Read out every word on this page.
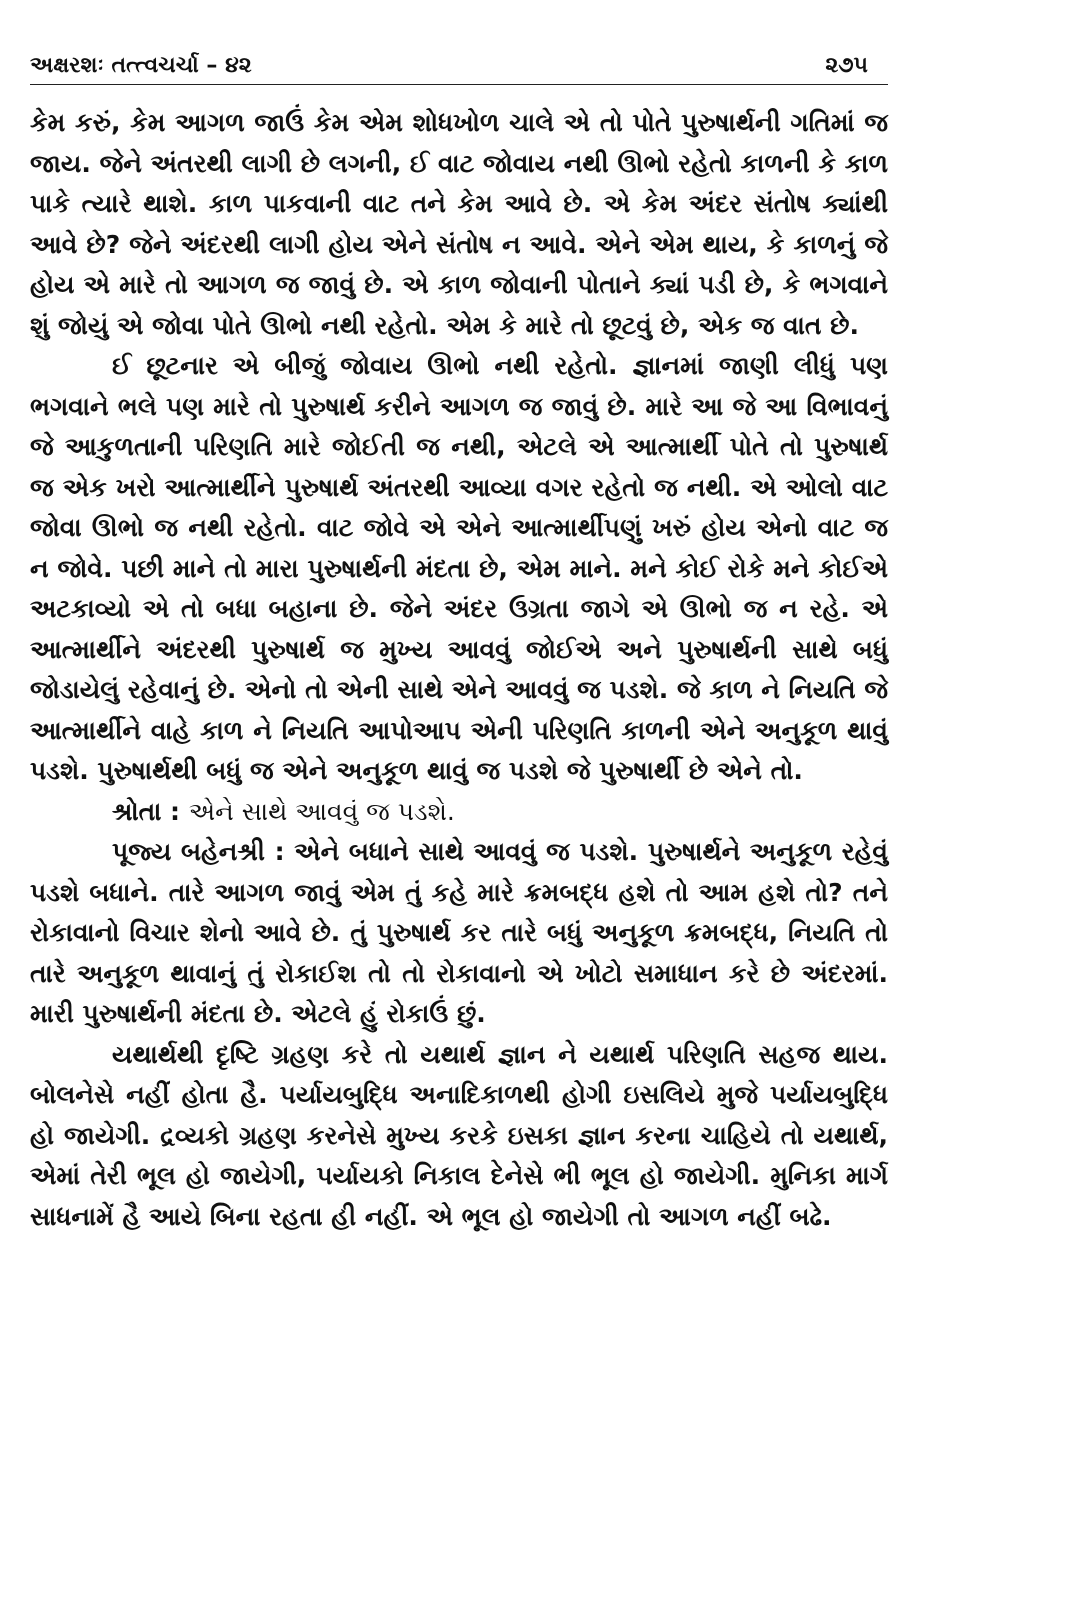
અક્ષરશઃ તત્ત્વચર્ચા – ૪૨	૨૭૫

કેમ કરું, કેમ આગળ જાઉં કેમ એમ શોધખોળ ચાલે એ તો પોતે પુરુષાર્થની ગતિમાં જ જાય. જેને અંતરથી લાગી છે લગની, ઈ વાટ જોવાય નથી ઊભો રહેતો કાળની કે કાળ પાકે ત્યારે થાશે. કાળ પાકવાની વાટ તને કેમ આવે છે. એ કેમ અંદર સંતોષ ક્યાંથી આવે છે? જેને અંદરથી લાગી હોય એને સંતોષ ન આવે. એને એમ થાય, કે કાળનું જે હોય એ મારે તો આગળ જ જાવું છે. એ કાળ જોવાની પોતાને ક્યાં પડી છે, કે ભગવાને શું જોયું એ જોવા પોતે ઊભો નથી રહેતો. એમ કે મારે તો છૂટવું છે, એક જ વાત છે.

ઈ છૂટનાર એ બીજું જોવાય ઊભો નથી રહેતો. જ્ઞાનમાં જાણી લીધું પણ ભગવાને ભલે પણ મારે તો પુરુષાર્થ કરીને આગળ જ જાવું છે. મારે આ જે આ વિભાવનું જે આકુળતાની પરિણતિ મારે જોઈતી જ નથી, એટલે એ આત્માર્થી પોતે તો પુરુષાર્થ જ એક ખરો આત્માર્થીને પુરુષાર્થ અંતરથી આવ્યા વગર રહેતો જ નથી. એ ઓલો વાટ જોવા ઊભો જ નથી રહેતો. વાટ જોવે એ એને આત્માર્થીપણું ખરું હોય એનો વાટ જ ન જોવે. પછી માને તો મારા પુરુષાર્થની મંદતા છે, એમ માને. મને કોઈ રોકે મને કોઈએ અટકાવ્યો એ તો બધા બહાના છે. જેને અંદર ઉગ્રતા જાગે એ ઊભો જ ન રહે. એ આત્માર્થીને અંદરથી પુરુષાર્થ જ મુખ્ય આવવું જોઈએ અને પુરુષાર્થની સાથે બધું જોડાયેલું રહેવાનું છે. એનો તો એની સાથે એને આવવું જ પડશે. જે કાળ ને નિયતિ જે આત્માર્થીને વાહે કાળ ને નિયતિ આપોઆપ એની પરિણતિ કાળની એને અનુકૂળ થાવું પડશે. પુરુષાર્થથી બધું જ એને અનુકૂળ થાવું જ પડશે જે પુરુષાર્થી છે એને તો.

શ્રોતા : એને સાથે આવવું જ પડશે.

પૂજ્ય બહેનશ્રી : એને બધાને સાથે આવવું જ પડશે. પુરુષાર્થને અનુકૂળ રહેવું પડશે બધાને. તારે આગળ જાવું એમ તું કહે મારે ક્રમબદ્ધ હશે તો આમ હશે તો? તને રોકાવાનો વિચાર શેનો આવે છે. તું પુરુષાર્થ કર તારે બધું અનુકૂળ ક્રમબદ્ધ, નિયતિ તો તારે અનુકૂળ થાવાનું તું રોકાઈશ તો તો રોકાવાનો એ ખોટો સમાધાન કરે છે અંદરમાં. મારી પુરુષાર્થની મંદતા છે. એટલે હું રોકાઉં છું.

યથાર્થથી દૃષ્ટિ ગ્રહણ કરે તો યથાર્થ જ્ઞાન ને યથાર્થ પરિણતિ સહજ થાય. બોલનેસે નહીં હોતા હૈ. પર્યાયબુદ્ધિ અનાદિકાળથી હોગી ઇસલિયે મુજે પર્યાયબુદ્ધિ હો જાયેગી. દ્રવ્યકો ગ્રહણ કરનેસે મુખ્ય કરકે ઇસકા જ્ઞાન કરના ચાહિયે તો યથાર્થ, એમાં તેરી ભૂલ હો જાયેગી, પર્યાયકો નિકાલ દેનેસે ભી ભૂલ હો જાયેગી. મુનિકા માર્ગ સાધનામેં હૈ આયે બિના રહતા હી નહીં. એ ભૂલ હો જાયેગી તો આગળ નહીં બઢે.
